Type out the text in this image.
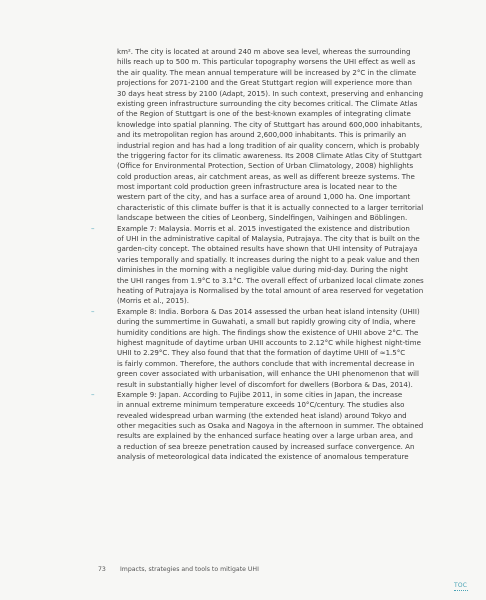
km². The city is located at around 240 m above sea level, whereas the surrounding
hills reach up to 500 m. This particular topography worsens the UHI effect as well as
the air quality. The mean annual temperature will be increased by 2°C in the climate
projections for 2071-2100 and the Great Stuttgart region will experience more than
30 days heat stress by 2100 (Adapt, 2015). In such context, preserving and enhancing
existing green infrastructure surrounding the city becomes critical. The Climate Atlas
of the Region of Stuttgart is one of the best-known examples of integrating climate
knowledge into spatial planning. The city of Stuttgart has around 600,000 inhabitants,
and its metropolitan region has around 2,600,000 inhabitants. This is primarily an
industrial region and has had a long tradition of air quality concern, which is probably
the triggering factor for its climatic awareness. Its 2008 Climate Atlas City of Stuttgart
(Office for Environmental Protection, Section of Urban Climatology, 2008) highlights
cold production areas, air catchment areas, as well as different breeze systems. The
most important cold production green infrastructure area is located near to the
western part of the city, and has a surface area of around 1,000 ha. One important
characteristic of this climate buffer is that it is actually connected to a larger territorial
landscape between the cities of Leonberg, Sindelfingen, Vaihingen and Böblingen.
–	Example 7: Malaysia. Morris et al. 2015 investigated the existence and distribution
of UHI in the administrative capital of Malaysia, Putrajaya. The city that is built on the
garden-city concept. The obtained results have shown that UHI intensity of Putrajaya
varies temporally and spatially. It increases during the night to a peak value and then
diminishes in the morning with a negligible value during mid-day. During the night
the UHI ranges from 1.9°C to 3.1°C. The overall effect of urbanized local climate zones
heating of Putrajaya is Normalised by the total amount of area reserved for vegetation
(Morris et al., 2015).
–	Example 8: India. Borbora & Das 2014 assessed the urban heat island intensity (UHII)
during the summertime in Guwahati, a small but rapidly growing city of India, where
humidity conditions are high. The findings show the existence of UHII above 2°C. The
highest magnitude of daytime urban UHII accounts to 2.12°C while highest night-time
UHII to 2.29°C. They also found that that the formation of daytime UHII of ≈1.5°C
is fairly common. Therefore, the authors conclude that with incremental decrease in
green cover associated with urbanisation, will enhance the UHI phenomenon that will
result in substantially higher level of discomfort for dwellers (Borbora & Das, 2014).
–	Example 9: Japan. According to Fujibe 2011, in some cities in Japan, the increase
in annual extreme minimum temperature exceeds 10°C/century. The studies also
revealed widespread urban warming (the extended heat island) around Tokyo and
other megacities such as Osaka and Nagoya in the afternoon in summer. The obtained
results are explained by the enhanced surface heating over a large urban area, and
a reduction of sea breeze penetration caused by increased surface convergence. An
analysis of meteorological data indicated the existence of anomalous temperature
73 Impacts, strategies and tools to mitigate UHI
TOC
